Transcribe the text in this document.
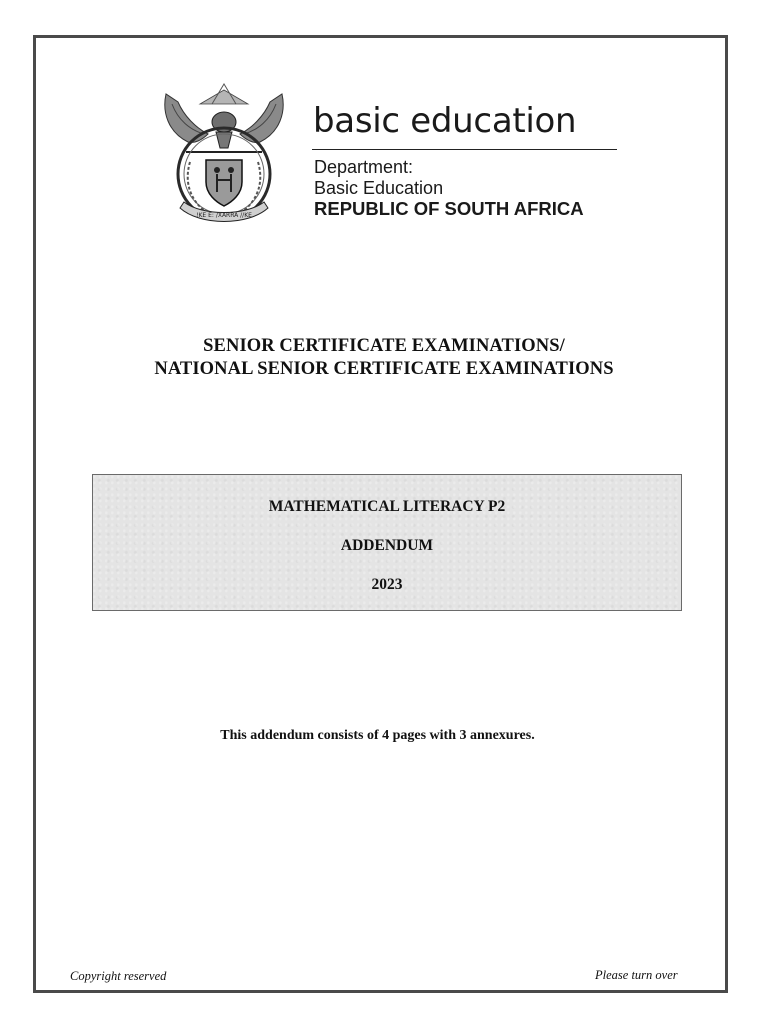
!KE E: /XARRA //KE
basic education
Department:
Basic Education
REPUBLIC OF SOUTH AFRICA
SENIOR CERTIFICATE EXAMINATIONS/
NATIONAL SENIOR CERTIFICATE EXAMINATIONS
MATHEMATICAL LITERACY P2
ADDENDUM
2023
This addendum consists of 4 pages with 3 annexures.
Copyright reserved	Please turn over
